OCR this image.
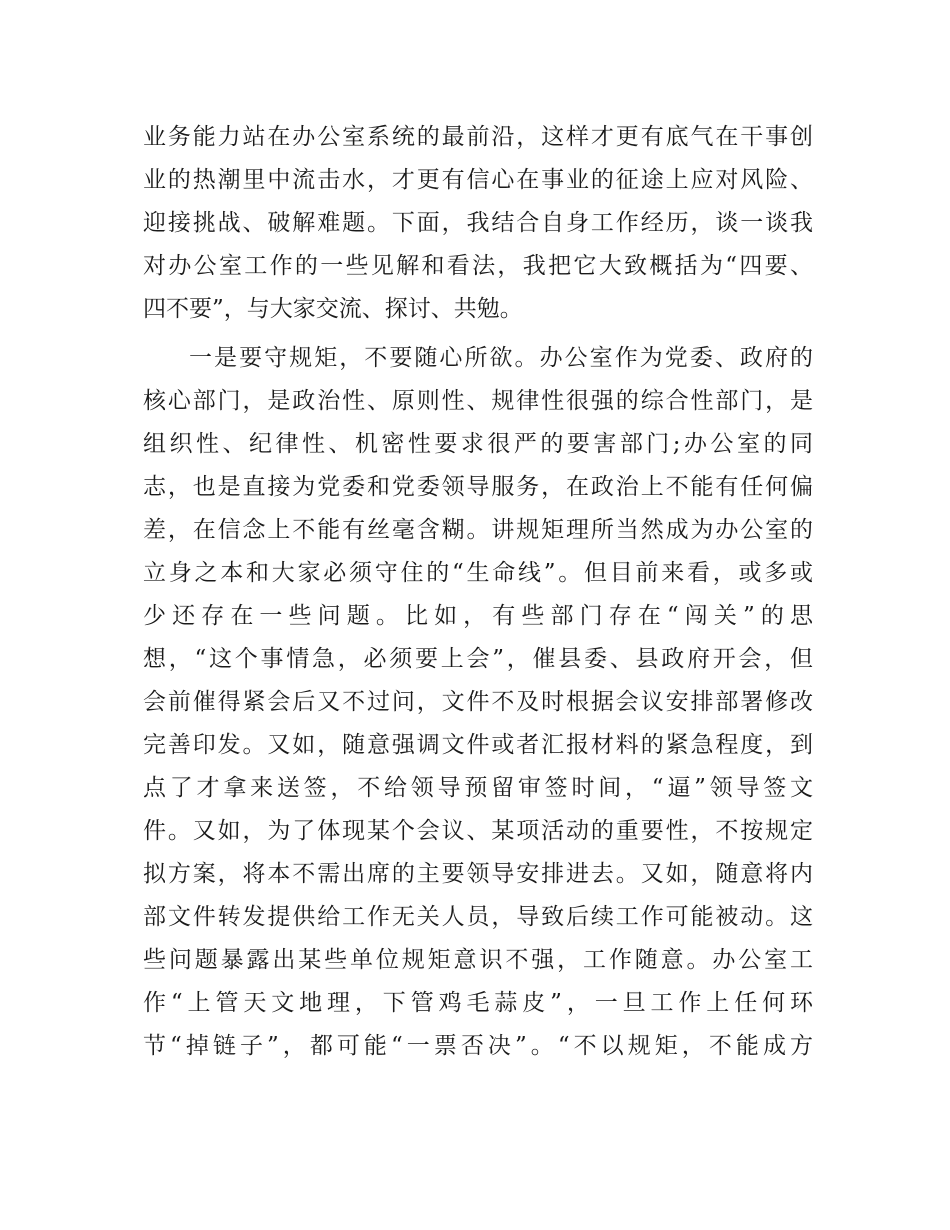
业务能力站在办公室系统的最前沿，这样才更有底气在干事创
业的热潮里中流击水，才更有信心在事业的征途上应对风险、
迎接挑战、破解难题。下面，我结合自身工作经历，谈一谈我
对办公室工作的一些见解和看法，我把它大致概括为“四要、
四不要”，与大家交流、探讨、共勉。
一是要守规矩，不要随心所欲。办公室作为党委、政府的
核心部门，是政治性、原则性、规律性很强的综合性部门，是
组织性、纪律性、机密性要求很严的要害部门;办公室的同
志，也是直接为党委和党委领导服务，在政治上不能有任何偏
差，在信念上不能有丝毫含糊。讲规矩理所当然成为办公室的
立身之本和大家必须守住的“生命线”。但目前来看，或多或
少还存在一些问题。比如，有些部门存在“闯关”的思
想，“这个事情急，必须要上会”，催县委、县政府开会，但
会前催得紧会后又不过问，文件不及时根据会议安排部署修改
完善印发。又如，随意强调文件或者汇报材料的紧急程度，到
点了才拿来送签，不给领导预留审签时间，“逼”领导签文
件。又如，为了体现某个会议、某项活动的重要性，不按规定
拟方案，将本不需出席的主要领导安排进去。又如，随意将内
部文件转发提供给工作无关人员，导致后续工作可能被动。这
些问题暴露出某些单位规矩意识不强，工作随意。办公室工
作“上管天文地理，下管鸡毛蒜皮”，一旦工作上任何环
节“掉链子”，都可能“一票否决”。“不以规矩，不能成方
